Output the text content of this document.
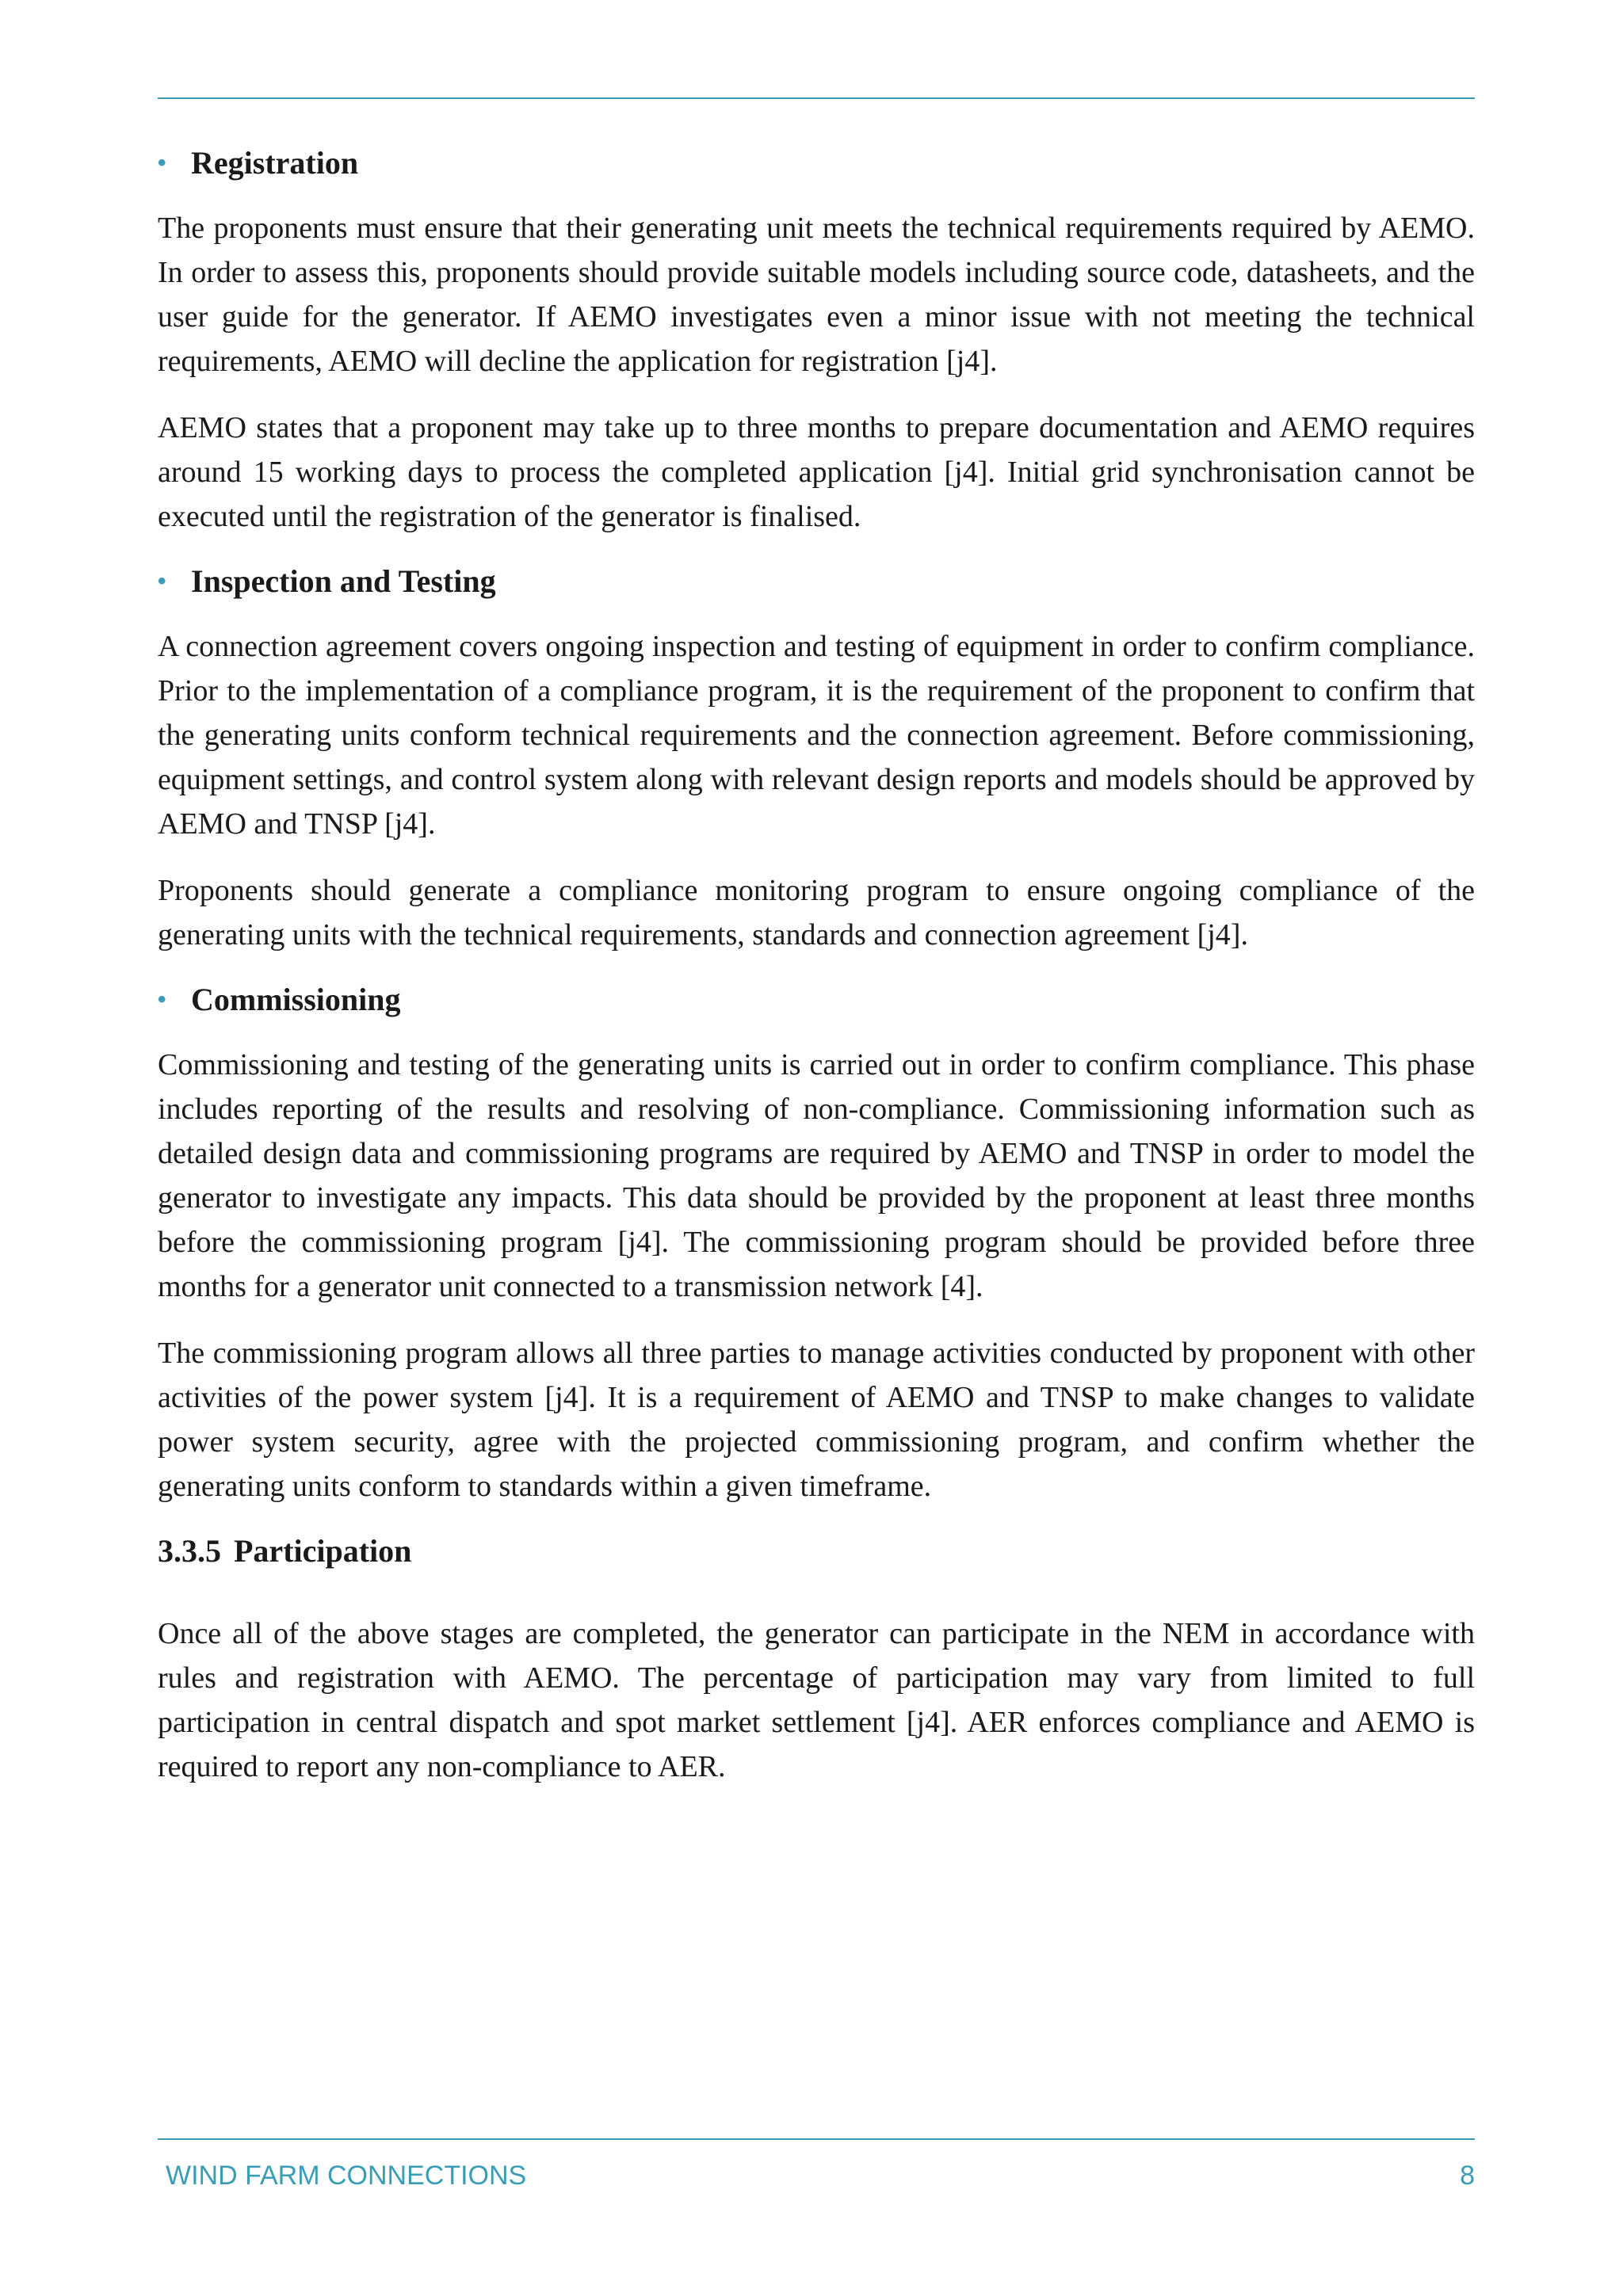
• Registration

The proponents must ensure that their generating unit meets the technical requirements required by AEMO. In order to assess this, proponents should provide suitable models including source code, datasheets, and the user guide for the generator. If AEMO investigates even a minor issue with not meeting the technical requirements, AEMO will decline the application for registration [j4].

AEMO states that a proponent may take up to three months to prepare documentation and AEMO requires around 15 working days to process the completed application [j4]. Initial grid synchronisation cannot be executed until the registration of the generator is finalised.

• Inspection and Testing

A connection agreement covers ongoing inspection and testing of equipment in order to confirm compliance. Prior to the implementation of a compliance program, it is the requirement of the proponent to confirm that the generating units conform technical requirements and the connection agreement. Before commissioning, equipment settings, and control system along with relevant design reports and models should be approved by AEMO and TNSP [j4].

Proponents should generate a compliance monitoring program to ensure ongoing compliance of the generating units with the technical requirements, standards and connection agreement [j4].

• Commissioning

Commissioning and testing of the generating units is carried out in order to confirm compliance. This phase includes reporting of the results and resolving of non-compliance. Commissioning information such as detailed design data and commissioning programs are required by AEMO and TNSP in order to model the generator to investigate any impacts. This data should be provided by the proponent at least three months before the commissioning program [j4]. The commissioning program should be provided before three months for a generator unit connected to a transmission network [4].

The commissioning program allows all three parties to manage activities conducted by proponent with other activities of the power system [j4]. It is a requirement of AEMO and TNSP to make changes to validate power system security, agree with the projected commissioning program, and confirm whether the generating units conform to standards within a given timeframe.

3.3.5 Participation

Once all of the above stages are completed, the generator can participate in the NEM in accordance with rules and registration with AEMO. The percentage of participation may vary from limited to full participation in central dispatch and spot market settlement [j4]. AER enforces compliance and AEMO is required to report any non-compliance to AER.

WIND FARM CONNECTIONS	8
